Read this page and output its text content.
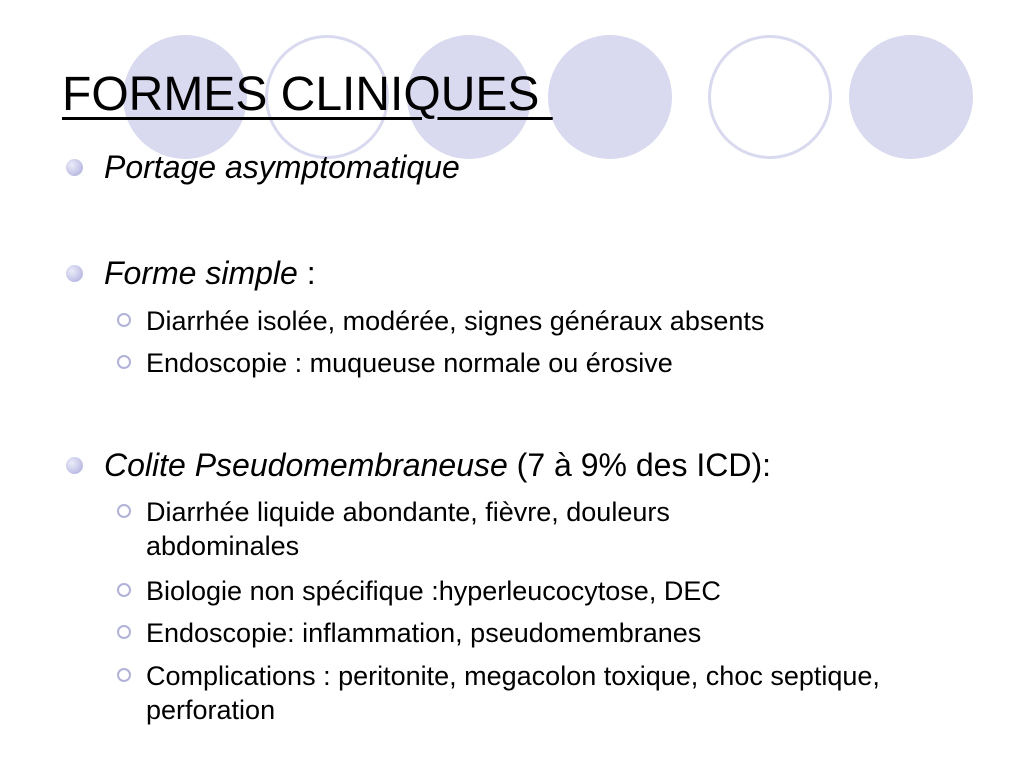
FORMES CLINIQUES
Portage asymptomatique
Forme simple :
Diarrhée isolée, modérée, signes généraux absents
Endoscopie : muqueuse normale ou érosive
Colite Pseudomembraneuse (7 à 9% des ICD):
Diarrhée liquide abondante, fièvre, douleurs abdominales
Biologie non spécifique :hyperleucocytose, DEC
Endoscopie: inflammation, pseudomembranes
Complications : peritonite, megacolon toxique, choc septique, perforation
